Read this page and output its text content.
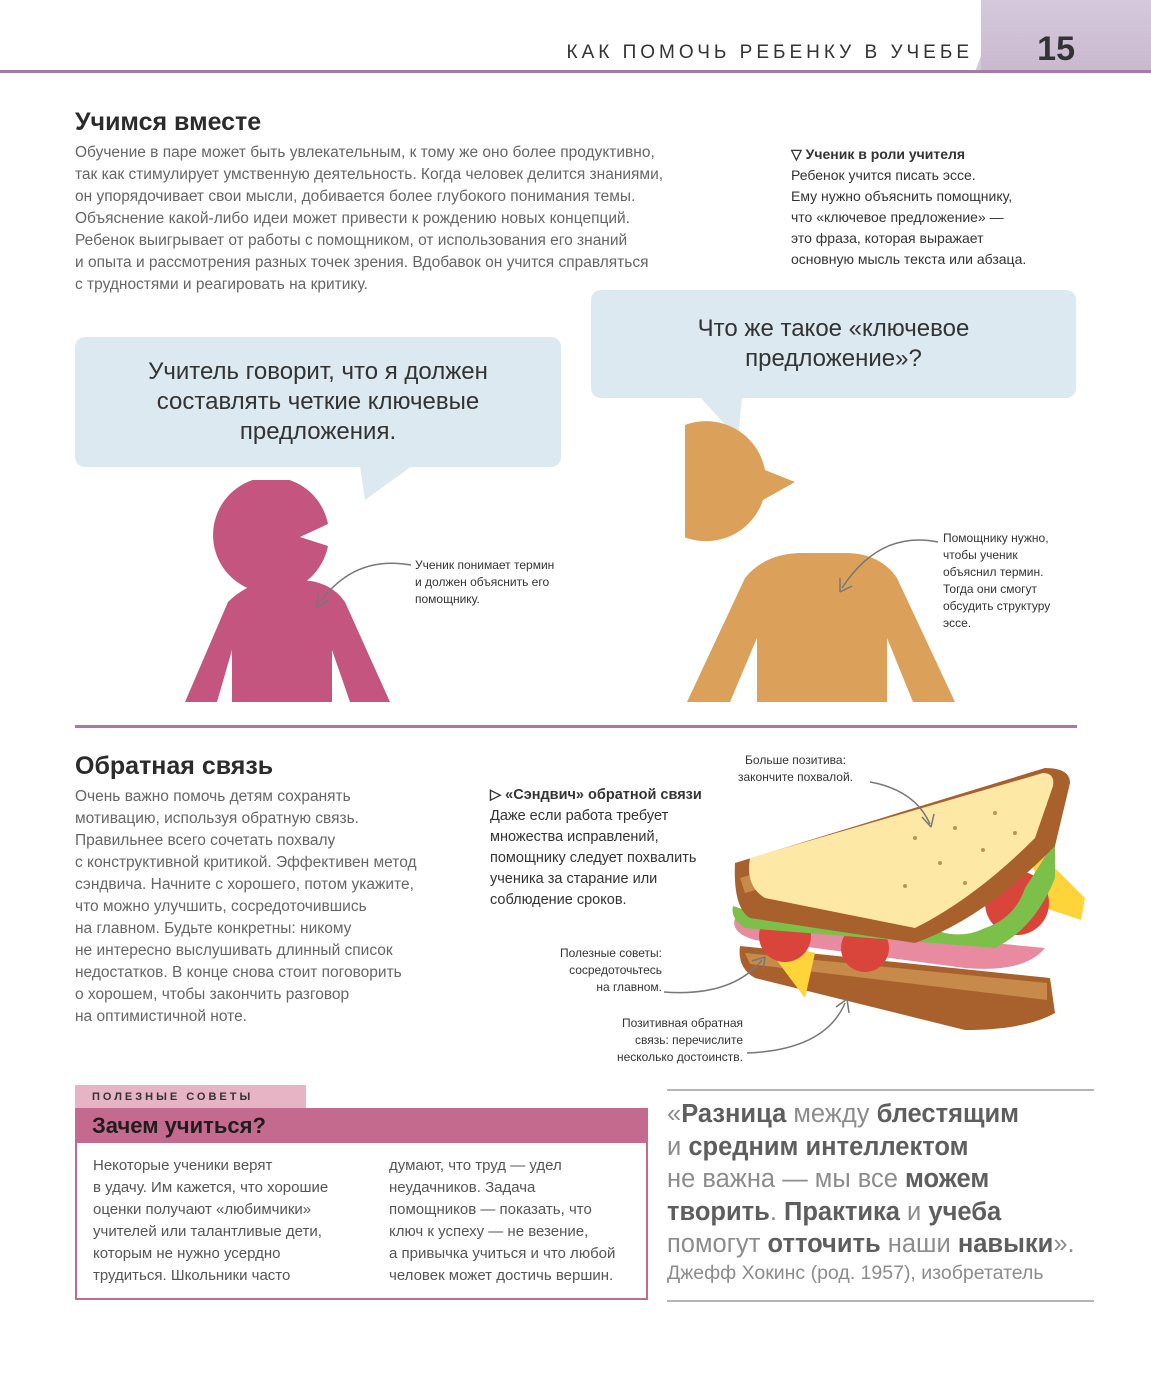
КАК ПОМОЧЬ РЕБЕНКУ В УЧЕБЕ 15
Учимся вместе
Обучение в паре может быть увлекательным, к тому же оно более продуктивно,
так как стимулирует умственную деятельность. Когда человек делится знаниями,
он упорядочивает свои мысли, добивается более глубокого понимания темы.
Объяснение какой-либо идеи может привести к рождению новых концепций.
Ребенок выигрывает от работы с помощником, от использования его знаний
и опыта и рассмотрения разных точек зрения. Вдобавок он учится справляться
с трудностями и реагировать на критику.
▽ Ученик в роли учителя
Ребенок учится писать эссе.
Ему нужно объяснить помощнику,
что «ключевое предложение» —
это фраза, которая выражает
основную мысль текста или абзаца.
Учитель говорит, что я должен
составлять четкие ключевые
предложения.
Что же такое «ключевое
предложение»?
Ученик понимает термин
и должен объяснить его
помощнику.
Помощнику нужно,
чтобы ученик
объяснил термин.
Тогда они смогут
обсудить структуру
эссе.
Обратная связь
Очень важно помочь детям сохранять
мотивацию, используя обратную связь.
Правильнее всего сочетать похвалу
с конструктивной критикой. Эффективен метод
сэндвича. Начните с хорошего, потом укажите,
что можно улучшить, сосредоточившись
на главном. Будьте конкретны: никому
не интересно выслушивать длинный список
недостатков. В конце снова стоит поговорить
о хорошем, чтобы закончить разговор
на оптимистичной ноте.
▷ «Сэндвич» обратной связи
Даже если работа требует
множества исправлений,
помощнику следует похвалить
ученика за старание или
соблюдение сроков.
Больше позитива:
закончите похвалой.
Полезные советы:
сосредоточьтесь
на главном.
Позитивная обратная
связь: перечислите
несколько достоинств.
ПОЛЕЗНЫЕ СОВЕТЫ
Зачем учиться?
Некоторые ученики верят
в удачу. Им кажется, что хорошие
оценки получают «любимчики»
учителей или талантливые дети,
которым не нужно усердно
трудиться. Школьники часто
думают, что труд — удел
неудачников. Задача
помощников — показать, что
ключ к успеху — не везение,
а привычка учиться и что любой
человек может достичь вершин.
«Разница между блестящим
и средним интеллектом
не важна — мы все можем
творить. Практика и учеба
помогут отточить наши навыки».
Джефф Хокинс (род. 1957), изобретатель
